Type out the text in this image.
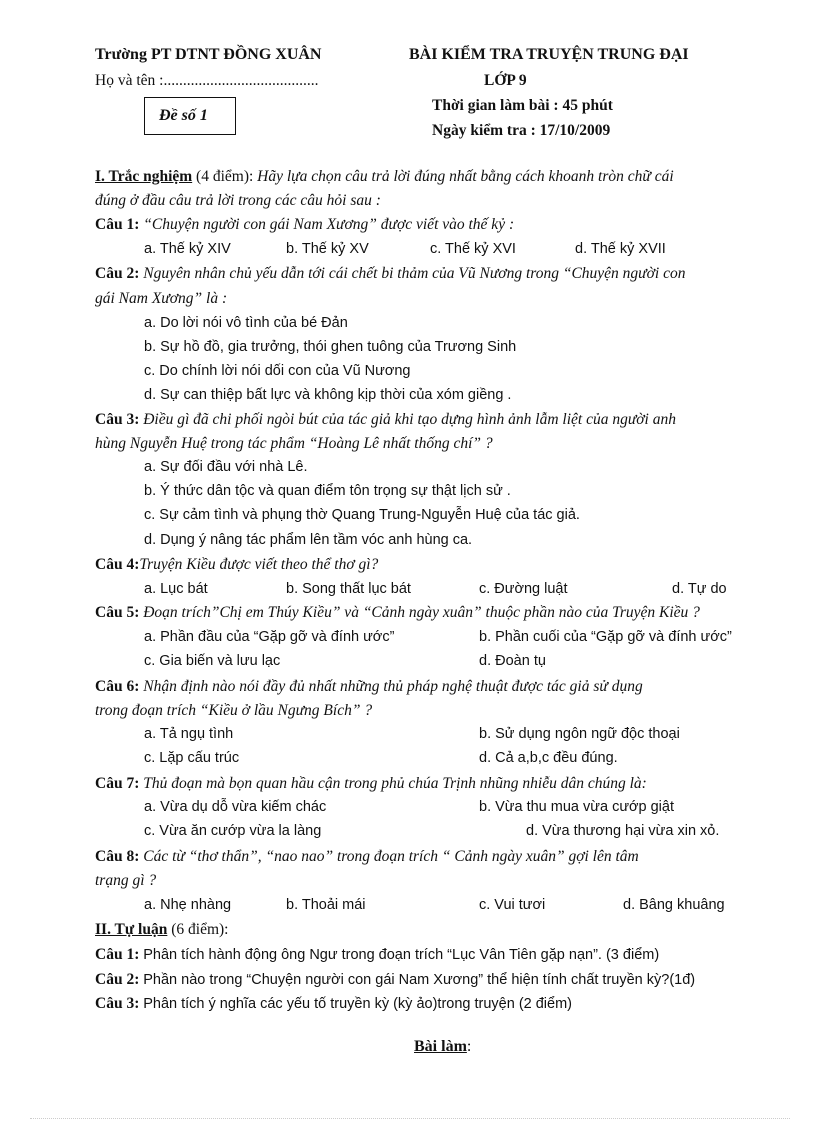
Trường PT DTNT ĐỒNG XUÂN	BÀI KIỂM TRA TRUYỆN TRUNG ĐẠI
Họ và tên :........................................	LỚP 9
Thời gian làm bài : 45 phút
Ngày kiểm tra : 17/10/2009
Đề số 1
I. Trắc nghiệm (4 điểm): Hãy lựa chọn câu trả lời đúng nhất bằng cách khoanh tròn chữ cái
đúng ở đầu câu trả lời trong các câu hỏi sau :
Câu 1: “Chuyện người con gái Nam Xương” được viết vào thế kỷ :
a. Thế kỷ XIV	b. Thế kỷ XV	c. Thế kỷ XVI	d. Thế kỷ XVII
Câu 2: Nguyên nhân chủ yếu dẫn tới cái chết bi thảm của Vũ Nương trong “Chuyện người con
gái Nam Xương” là :
a. Do lời nói vô tình của bé Đản
b. Sự hồ đồ, gia trưởng, thói ghen tuông của Trương Sinh
c. Do chính lời nói dối con của Vũ Nương
d. Sự can thiệp bất lực và không kịp thời của xóm giềng .
Câu 3: Điều gì đã chi phối ngòi bút của tác giả khi tạo dựng hình ảnh lẫm liệt của người anh
hùng Nguyễn Huệ trong tác phẩm “Hoàng Lê nhất thống chí” ?
a. Sự đối đầu với nhà Lê.
b. Ý thức dân tộc và quan điểm tôn trọng sự thật lịch sử .
c. Sự cảm tình và phụng thờ Quang Trung-Nguyễn Huệ của tác giả.
d. Dụng ý nâng tác phẩm lên tầm vóc anh hùng ca.
Câu 4:Truyện Kiều được viết theo thể thơ gì?
a. Lục bát	b. Song thất lục bát	c. Đường luật	d. Tự do
Câu 5: Đoạn trích”Chị em Thúy Kiều” và “Cảnh ngày xuân” thuộc phần nào của Truyện Kiều ?
a. Phần đầu của “Gặp gỡ và đính ước”	b. Phần cuối của “Gặp gỡ và đính ước”
c. Gia biến và lưu lạc	d. Đoàn tụ
Câu 6: Nhận định nào nói đầy đủ nhất những thủ pháp nghệ thuật được tác giả sử dụng
trong đoạn trích “Kiều ở lầu Ngưng Bích” ?
a. Tả ngụ tình	b. Sử dụng ngôn ngữ độc thoại
c. Lặp cấu trúc	d. Cả a,b,c đều đúng.
Câu 7: Thủ đoạn mà bọn quan hầu cận trong phủ chúa Trịnh nhũng nhiễu dân chúng là:
a. Vừa dụ dỗ vừa kiếm chác	b. Vừa thu mua vừa cướp giật
c. Vừa ăn cướp vừa la làng	d. Vừa thương hại vừa xin xỏ.
Câu 8: Các từ “thơ thẩn”, “nao nao” trong đoạn trích “ Cảnh ngày xuân” gợi lên tâm
trạng gì ?
a. Nhẹ nhàng	b. Thoải mái	c. Vui tươi	d. Bâng khuâng
II. Tự luận (6 điểm):
Câu 1: Phân tích hành động ông Ngư trong đoạn trích “Lục Vân Tiên gặp nạn”. (3 điểm)
Câu 2: Phần nào trong “Chuyện người con gái Nam Xương” thể hiện tính chất truyền kỳ?(1đ)
Câu 3: Phân tích ý nghĩa các yếu tố truyền kỳ (kỳ ảo)trong truyện (2 điểm)
Bài làm:
